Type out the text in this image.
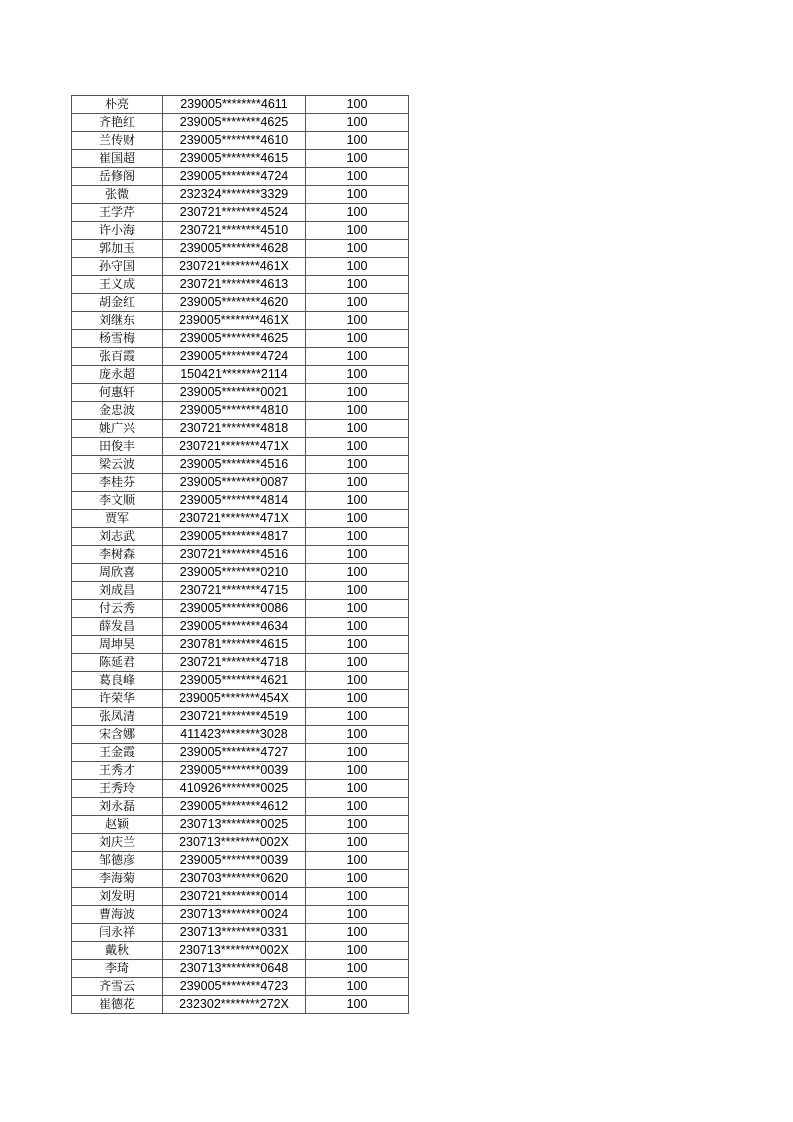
朴亮	239005********4611	100
齐艳红	239005********4625	100
兰传财	239005********4610	100
崔国超	239005********4615	100
岳修阁	239005********4724	100
张微	232324********3329	100
王学芹	230721********4524	100
许小海	230721********4510	100
郭加玉	239005********4628	100
孙守国	230721********461X	100
王义成	230721********4613	100
胡金红	239005********4620	100
刘继东	239005********461X	100
杨雪梅	239005********4625	100
张百霞	239005********4724	100
庞永超	150421********2114	100
何惠轩	239005********0021	100
金忠波	239005********4810	100
姚广兴	230721********4818	100
田俊丰	230721********471X	100
梁云波	239005********4516	100
李桂芬	239005********0087	100
李文顺	239005********4814	100
贾军	230721********471X	100
刘志武	239005********4817	100
李树森	230721********4516	100
周欣喜	239005********0210	100
刘成昌	230721********4715	100
付云秀	239005********0086	100
薛发昌	239005********4634	100
周坤昊	230781********4615	100
陈延君	230721********4718	100
葛良峰	239005********4621	100
许荣华	239005********454X	100
张凤清	230721********4519	100
宋含娜	411423********3028	100
王金霞	239005********4727	100
王秀才	239005********0039	100
王秀玲	410926********0025	100
刘永磊	239005********4612	100
赵颖	230713********0025	100
刘庆兰	230713********002X	100
邹德彦	239005********0039	100
李海菊	230703********0620	100
刘发明	230721********0014	100
曹海波	230713********0024	100
闫永祥	230713********0331	100
戴秋	230713********002X	100
李琦	230713********0648	100
齐雪云	239005********4723	100
崔德花	232302********272X	100
